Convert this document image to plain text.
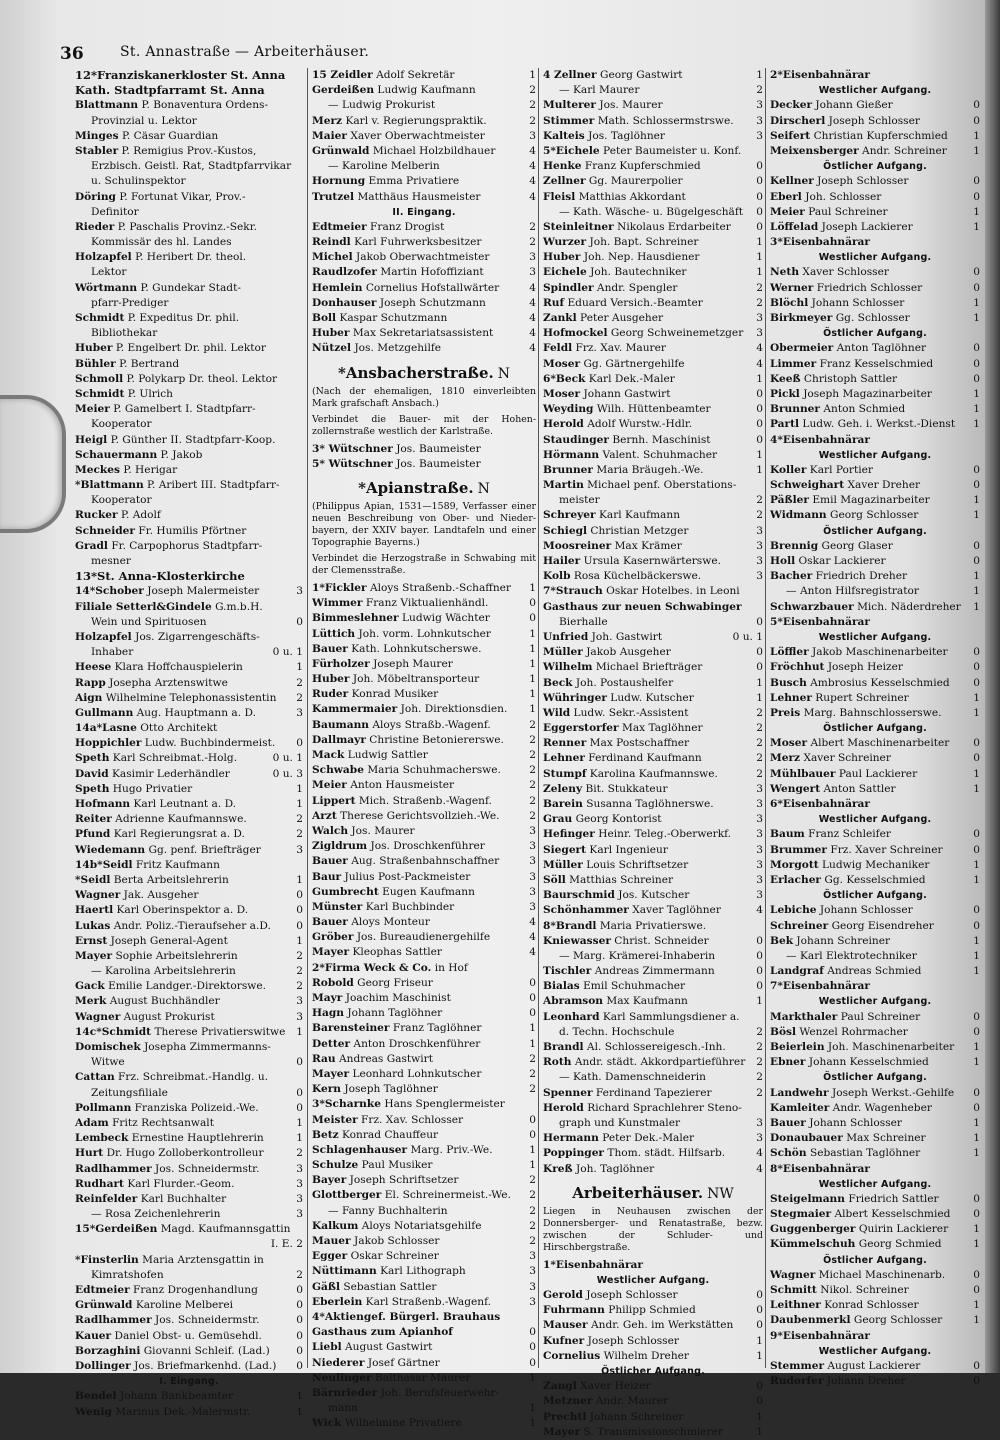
36	St. Annastraße — Arbeiterhäuser.
12*Franziskanerkloster St. Anna
Kath. Stadtpfarramt St. Anna
Blattmann P. Bonaventura Ordens-
Provinzial u. Lektor
Minges P. Cäsar Guardian
Stabler P. Remigius Prov.-Kustos,
Erzbisch. Geistl. Rat, Stadtpfarrvikar
u. Schulinspektor
Döring P. Fortunat Vikar, Prov.-
Definitor
Rieder P. Paschalis Provinz.-Sekr.
Kommissär des hl. Landes
Holzapfel P. Heribert Dr. theol.
Lektor
Wörtmann P. Gundekar Stadt-
pfarr-Prediger
Schmidt P. Expeditus Dr. phil.
Bibliothekar
Huber P. Engelbert Dr. phil. Lektor
Bühler P. Bertrand
Schmoll P. Polykarp Dr. theol. Lektor
Schmidt P. Ulrich
Meier P. Gamelbert I. Stadtpfarr-
Kooperator
Heigl P. Günther II. Stadtpfarr-Koop.
Schauermann P. Jakob
Meckes P. Herigar
*Blattmann P. Aribert III. Stadtpfarr-
Kooperator
Rucker P. Adolf
Schneider Fr. Humilis Pförtner
Gradl Fr. Carpophorus Stadtpfarr-
mesner
13*St. Anna-Klosterkirche
14*Schober Joseph Malermeister	3
Filiale Setterl&Gindele G.m.b.H.
Wein und Spirituosen	0
Holzapfel Jos. Zigarrengeschäfts-
Inhaber	0 u. 1
Heese Klara Hoffchauspielerin	1
Rapp Josepha Arztenswitwe	2
Aign Wilhelmine Telephonassistentin 2
Gullmann Aug. Hauptmann a. D.	3
14a*Lasne Otto Architekt
Hoppichler Ludw. Buchbindermeist. 0
Speth Karl Schreibmat.-Holg.	0 u. 1
David Kasimir Lederhändler	0 u. 3
Speth Hugo Privatier	1
Hofmann Karl Leutnant a. D.	1
Reiter Adrienne Kaufmannswe.	2
Pfund Karl Regierungsrat a. D.	2
Wiedemann Gg. penf. Briefträger	3
14b*Seidl Fritz Kaufmann
*Seidl Berta Arbeitslehrerin	1
Wagner Jak. Ausgeher	0
Haertl Karl Oberinspektor a. D.	0
Lukas Andr. Poliz.-Tieraufseher a.D. 0
Ernst Joseph General-Agent	1
Mayer Sophie Arbeitslehrerin	2
— Karolina Arbeitslehrerin	2
Gack Emilie Landger.-Direktorswe.	2
Merk August Buchhändler	3
Wagner August Prokurist	3
14c*Schmidt Therese Privatierswitwe 1
Domischek Josepha Zimmermanns-
Witwe	0
Cattan Frz. Schreibmat.-Handlg. u.
Zeitungsfiliale	0
Pollmann Franziska Polizeid.-We.	0
Adam Fritz Rechtsanwalt	1
Lembeck Ernestine Hauptlehrerin	1
Hurt Dr. Hugo Zolloberkontrolleur	2
Radlhammer Jos. Schneidermstr.	3
Rudhart Karl Flurder.-Geom.	3
Reinfelder Karl Buchhalter	3
— Rosa Zeichenlehrerin	3
15*Gerdeißen Magd. Kaufmannsgattin
I. E. 2
*Finsterlin Maria Arztensgattin in
Kimratshofen	2
Edtmeier Franz Drogenhandlung	0
Grünwald Karoline Melberei	0
Radlhammer Jos. Schneidermstr.	0
Kauer Daniel Obst- u. Gemüsehdl.	0
Borzaghini Giovanni Schleif. (Lad.) 0
Dollinger Jos. Briefmarkenhd. (Lad.) 0
I. Eingang.
Bendel Johann Bankbeamter	1
Wenig Marinus Dek.-Malermstr.	1
15 Zeidler Adolf Sekretär	1
Gerdeißen Ludwig Kaufmann	2
— Ludwig Prokurist	2
Merz Karl v. Regierungspraktik.	2
Maier Xaver Oberwachtmeister	3
Grünwald Michael Holzbildhauer	4
— Karoline Melberin	4
Hornung Emma Privatiere	4
Trutzel Matthäus Hausmeister	4
II. Eingang.
Edtmeier Franz Drogist	2
Reindl Karl Fuhrwerksbesitzer	2
Michel Jakob Oberwachtmeister	3
Raudlzofer Martin Hofoffiziant	3
Hemlein Cornelius Hofstallwärter	4
Donhauser Joseph Schutzmann	4
Boll Kaspar Schutzmann	4
Huber Max Sekretariatsassistent	4
Nützel Jos. Metzgehilfe	4
*Ansbacherstraße. N
(Nach der ehemaligen, 1810 einverleibten Mark grafschaft Ansbach.)
Verbindet die Bauer- mit der Hohen-zollernstraße westlich der Karlstraße.
3* Wütschner Jos. Baumeister
5* Wütschner Jos. Baumeister
*Apianstraße. N
(Philippus Apian, 1531—1589, Verfasser einer neuen Beschreibung von Ober- und Nieder-bayern, der XXIV bayer. Landtafeln und einer Topographie Bayerns.)
Verbindet die Herzogstraße in Schwabing mit der Clemensstraße.
1*Fickler Aloys Straßenb.-Schaffner 1
Wimmer Franz Viktualienhändl.	0
Bimmeslehner Ludwig Wächter	0
Lüttich Joh. vorm. Lohnkutscher	1
Bauer Kath. Lohnkutscherswe.	1
Fürholzer Joseph Maurer	1
Huber Joh. Möbeltransporteur	1
Ruder Konrad Musiker	1
Kammermaier Joh. Direktionsdien. 1
Baumann Aloys Straßb.-Wagenf.	2
Dallmayr Christine Betoniererswe. 2
Mack Ludwig Sattler	2
Schwabe Maria Schuhmacherswe.	2
Meier Anton Hausmeister	2
Lippert Mich. Straßenb.-Wagenf.	2
Arzt Therese Gerichtsvollzieh.-We.	2
Walch Jos. Maurer	3
Zigldrum Jos. Droschkenführer	3
Bauer Aug. Straßenbahnschaffner	3
Baur Julius Post-Packmeister	3
Gumbrecht Eugen Kaufmann	3
Münster Karl Buchbinder	3
Bauer Aloys Monteur	4
Gröber Jos. Bureaudienergehilfe	4
Mayer Kleophas Sattler	4
2*Firma Weck & Co. in Hof
Robold Georg Friseur	0
Mayr Joachim Maschinist	0
Hagn Johann Taglöhner	0
Barensteiner Franz Taglöhner	1
Detter Anton Droschkenführer	1
Rau Andreas Gastwirt	2
Mayer Leonhard Lohnkutscher	2
Kern Joseph Taglöhner	2
3*Scharnke Hans Spenglermeister
Meister Frz. Xav. Schlosser	0
Betz Konrad Chauffeur	0
Schlagenhauser Marg. Priv.-We.	1
Schulze Paul Musiker	1
Bayer Joseph Schriftsetzer	2
Glottberger El. Schreinermeist.-We. 2
— Fanny Buchhalterin	2
Kalkum Aloys Notariatsgehilfe	2
Mauer Jakob Schlosser	2
Egger Oskar Schreiner	3
Nüttimann Karl Lithograph	3
Gäßl Sebastian Sattler	3
Eberlein Karl Straßenb.-Wagenf.	3
4*Aktiengef. Bürgerl. Brauhaus
Gasthaus zum Apianhof	0
Liebl August Gastwirt	0
Niederer Josef Gärtner	0
Neulinger Balthasar Maurer	1
Bärnrieder Joh. Berufsfeuerwehr-
mann	1
Wick Wilhelmine Privatiere	1
4 Zellner Georg Gastwirt	1
— Karl Maurer	2
Multerer Jos. Maurer	3
Stimmer Math. Schlossermstrswe. 3
Kalteis Jos. Taglöhner	3
5*Eichele Peter Baumeister u. Konf.
Henke Franz Kupferschmied	0
Zellner Gg. Maurerpolier	0
Fleisl Matthias Akkordant	0
— Kath. Wäsche- u. Bügelgeschäft 0
Steinleitner Nikolaus Erdarbeiter 0
Wurzer Joh. Bapt. Schreiner	1
Huber Joh. Nep. Hausdiener	1
Eichele Joh. Bautechniker	1
Spindler Andr. Spengler	2
Ruf Eduard Versich.-Beamter	2
Zankl Peter Ausgeher	3
Hofmockel Georg Schweinemetzger 3
Feldl Frz. Xav. Maurer	4
Moser Gg. Gärtnergehilfe	4
6*Beck Karl Dek.-Maler	1
Moser Johann Gastwirt	0
Weyding Wilh. Hüttenbeamter	0
Herold Adolf Wurstw.-Hdlr.	0
Staudinger Bernh. Maschinist	0
Hörmann Valent. Schuhmacher	1
Brunner Maria Bräugeh.-We.	1
Martin Michael penf. Oberstations-
meister	2
Schreyer Karl Kaufmann	2
Schiegl Christian Metzger	3
Moosreiner Max Krämer	3
Hailer Ursula Kasernwärterswe.	3
Kolb Rosa Küchelbäckerswe.	3
7*Strauch Oskar Hotelbes. in Leoni
Gasthaus zur neuen Schwabinger
Bierhalle	0
Unfried Joh. Gastwirt	0 u. 1
Müller Jakob Ausgeher	0
Wilhelm Michael Briefträger	0
Beck Joh. Postaushelfer	1
Wühringer Ludw. Kutscher	1
Wild Ludw. Sekr.-Assistent	2
Eggerstorfer Max Taglöhner	2
Renner Max Postschaffner	2
Lehner Ferdinand Kaufmann	2
Stumpf Karolina Kaufmannswe.	2
Zeleny Bit. Stukkateur	3
Barein Susanna Taglöhnerswe.	3
Grau Georg Kontorist	3
Hefinger Heinr. Teleg.-Oberwerkf. 3
Siegert Karl Ingenieur	3
Müller Louis Schriftsetzer	3
Söll Matthias Schreiner	3
Baurschmid Jos. Kutscher	3
Schönhammer Xaver Taglöhner	4
8*Brandl Maria Privatierswe.
Kniewasser Christ. Schneider	0
— Marg. Krämerei-Inhaberin	0
Tischler Andreas Zimmermann	0
Bialas Emil Schuhmacher	0
Abramson Max Kaufmann	1
Leonhard Karl Sammlungsdiener a.
d. Techn. Hochschule	2
Brandl Al. Schlossereigesch.-Inh.	2
Roth Andr. städt. Akkordpartieführer 2
— Kath. Damenschneiderin	2
Spenner Ferdinand Tapezierer	2
Herold Richard Sprachlehrer Steno-
graph und Kunstmaler	3
Hermann Peter Dek.-Maler	3
Poppinger Thom. städt. Hilfsarb.	4
Kreß Joh. Taglöhner	4
Arbeiterhäuser. NW
Liegen in Neuhausen zwischen der Donnersberger- und Renatastraße, bezw. zwischen der Schluder- und Hirschbergstraße.
1*Eisenbahnärar
Westlicher Aufgang.
Gerold Joseph Schlosser	0
Fuhrmann Philipp Schmied	0
Mauser Andr. Geh. im Werkstätten 0
Kufner Joseph Schlosser	1
Cornelius Wilhelm Dreher	1
Östlicher Aufgang.
Zangl Xaver Heizer	0
Metzner Andr. Maurer	0
Prechtl Johann Schreiner	1
Mayer S. Transmissionschmierer	1
2*Eisenbahnärar
Westlicher Aufgang.
Decker Johann Gießer	0
Dirscherl Joseph Schlosser	0
Seifert Christian Kupferschmied 1
Meixensberger Andr. Schreiner 1
Östlicher Aufgang.
Kellner Joseph Schlosser	0
Eberl Joh. Schlosser	0
Meier Paul Schreiner	1
Löffelad Joseph Lackierer	1
3*Eisenbahnärar
Westlicher Aufgang.
Neth Xaver Schlosser	0
Werner Friedrich Schlosser	0
Blöchl Johann Schlosser	1
Birkmeyer Gg. Schlosser	1
Östlicher Aufgang.
Obermeier Anton Taglöhner	0
Limmer Franz Kesselschmied	0
Keeß Christoph Sattler	0
Pickl Joseph Magazinarbeiter	1
Brunner Anton Schmied	1
Partl Ludw. Geh. i. Werkst.-Dienst 1
4*Eisenbahnärar
Westlicher Aufgang.
Koller Karl Portier	0
Schweighart Xaver Dreher	0
Päßler Emil Magazinarbeiter	1
Widmann Georg Schlosser	1
Östlicher Aufgang.
Brennig Georg Glaser	0
Holl Oskar Lackierer	0
Bacher Friedrich Dreher	1
— Anton Hilfsregistrator	1
Schwarzbauer Mich. Näderdreher 1
5*Eisenbahnärar
Westlicher Aufgang.
Löffler Jakob Maschinenarbeiter 0
Fröchhut Joseph Heizer	0
Busch Ambrosius Kesselschmied 0
Lehner Rupert Schreiner	1
Preis Marg. Bahnschlosserswe.	1
Östlicher Aufgang.
Moser Albert Maschinenarbeiter 0
Merz Xaver Schreiner	0
Mühlbauer Paul Lackierer	1
Wengert Anton Sattler	1
6*Eisenbahnärar
Westlicher Aufgang.
Baum Franz Schleifer	0
Brummer Frz. Xaver Schreiner	0
Morgott Ludwig Mechaniker	1
Erlacher Gg. Kesselschmied	1
Östlicher Aufgang.
Lebiche Johann Schlosser	0
Schreiner Georg Eisendreher	0
Bek Johann Schreiner	1
— Karl Elektrotechniker	1
Landgraf Andreas Schmied	1
7*Eisenbahnärar
Westlicher Aufgang.
Markthaler Paul Schreiner	0
Bösl Wenzel Rohrmacher	0
Beierlein Joh. Maschinenarbeiter 1
Ebner Johann Kesselschmied	1
Östlicher Aufgang.
Landwehr Joseph Werkst.-Gehilfe 0
Kamleiter Andr. Wagenheber	0
Bauer Johann Schlosser	1
Donaubauer Max Schreiner	1
Schön Sebastian Taglöhner	1
8*Eisenbahnärar
Westlicher Aufgang.
Steigelmann Friedrich Sattler	0
Stegmaier Albert Kesselschmied 0
Guggenberger Quirin Lackierer 1
Kümmelschuh Georg Schmied	1
Östlicher Aufgang.
Wagner Michael Maschinenarb.	0
Schmitt Nikol. Schreiner	0
Leithner Konrad Schlosser	1
Daubenmerkl Georg Schlosser	1
9*Eisenbahnärar
Westlicher Aufgang.
Stemmer August Lackierer	0
Rudorfer Johann Dreher	0
